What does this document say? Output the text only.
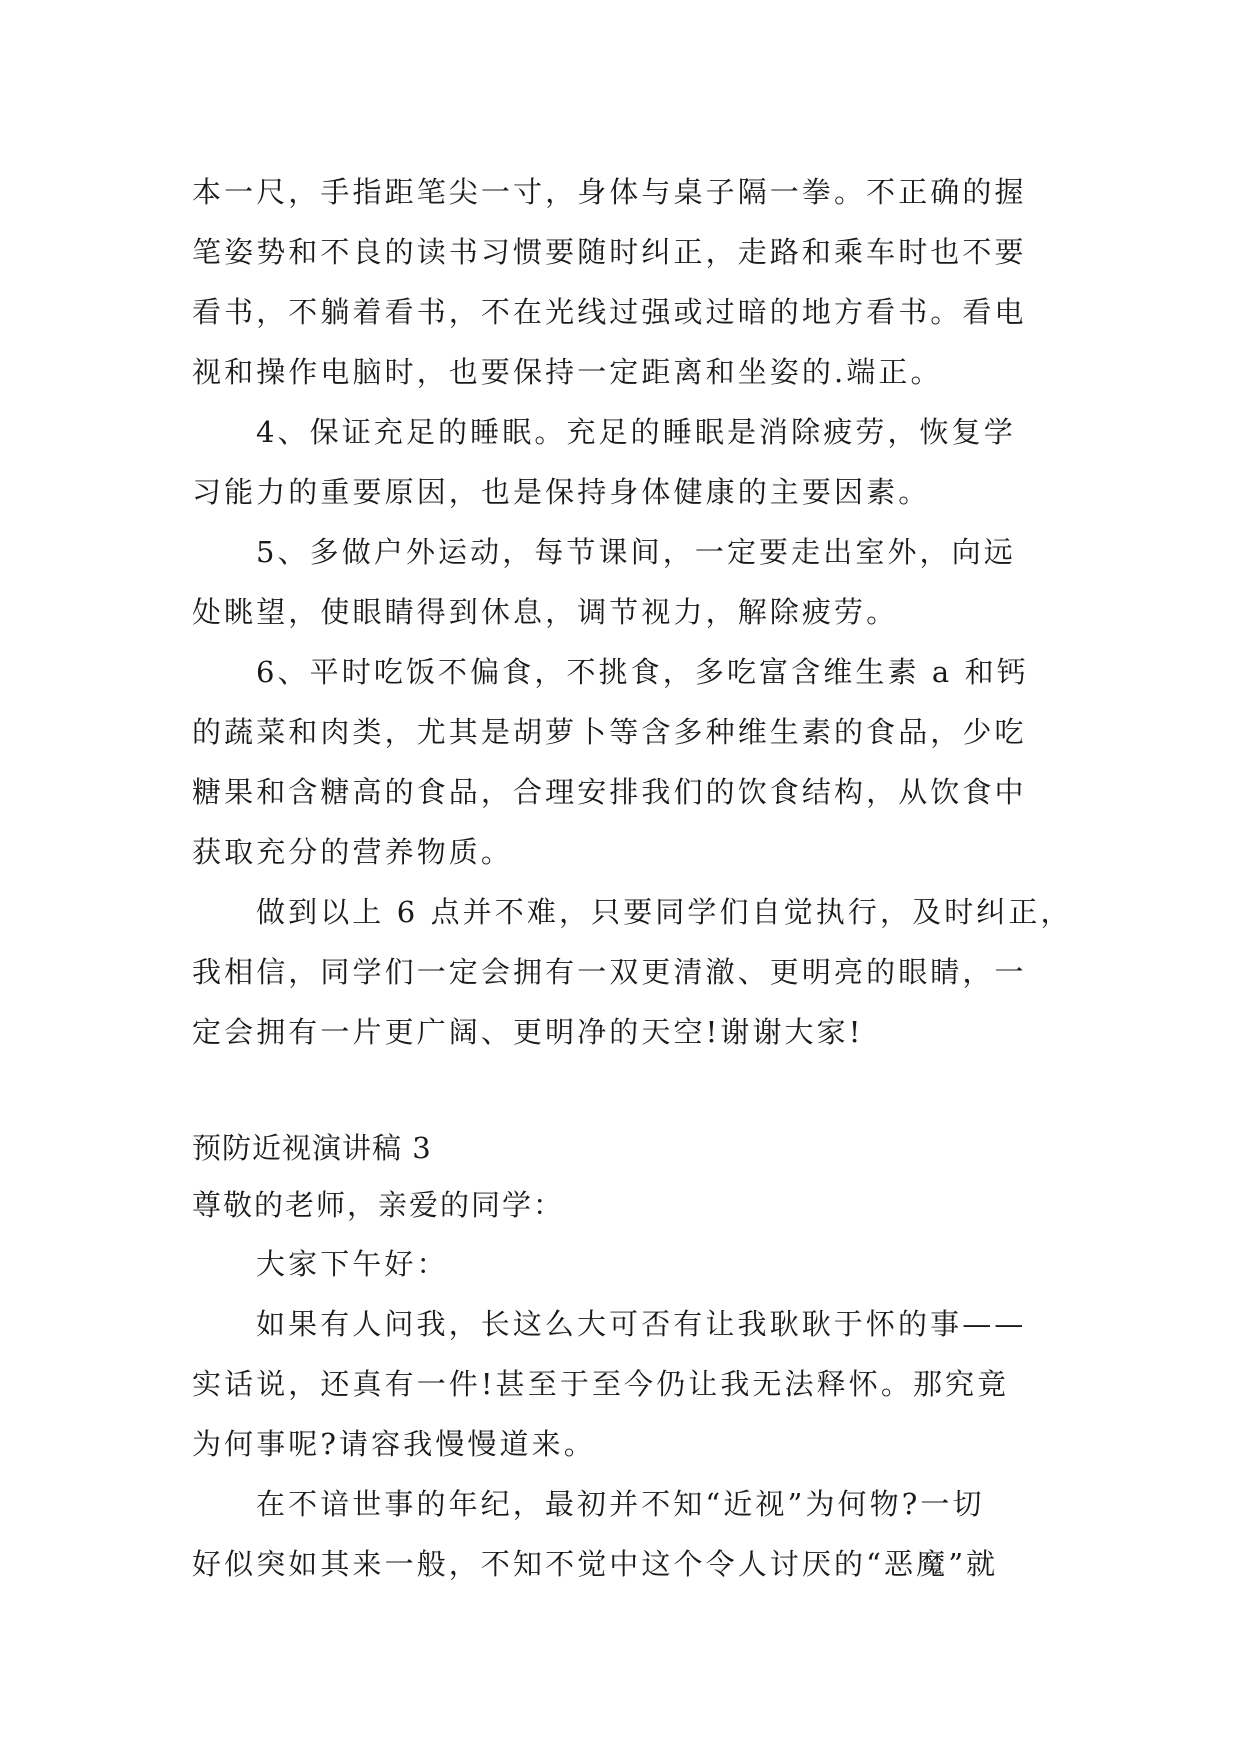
本一尺，手指距笔尖一寸，身体与桌子隔一拳。不正确的握
笔姿势和不良的读书习惯要随时纠正，走路和乘车时也不要
看书，不躺着看书，不在光线过强或过暗的地方看书。看电
视和操作电脑时，也要保持一定距离和坐姿的.端正。
4、保证充足的睡眠。充足的睡眠是消除疲劳，恢复学
习能力的重要原因，也是保持身体健康的主要因素。
5、多做户外运动，每节课间，一定要走出室外，向远
处眺望，使眼睛得到休息，调节视力，解除疲劳。
6、平时吃饭不偏食，不挑食，多吃富含维生素 a 和钙
的蔬菜和肉类，尤其是胡萝卜等含多种维生素的食品，少吃
糖果和含糖高的食品，合理安排我们的饮食结构，从饮食中
获取充分的营养物质。
做到以上 6 点并不难，只要同学们自觉执行，及时纠正，
我相信，同学们一定会拥有一双更清澈、更明亮的眼睛，一
定会拥有一片更广阔、更明净的天空!谢谢大家!
预防近视演讲稿 3
尊敬的老师，亲爱的同学：
大家下午好：
如果有人问我，长这么大可否有让我耿耿于怀的事——
实话说，还真有一件!甚至于至今仍让我无法释怀。那究竟
为何事呢?请容我慢慢道来。
在不谙世事的年纪，最初并不知“近视”为何物?一切
好似突如其来一般，不知不觉中这个令人讨厌的“恶魔”就
